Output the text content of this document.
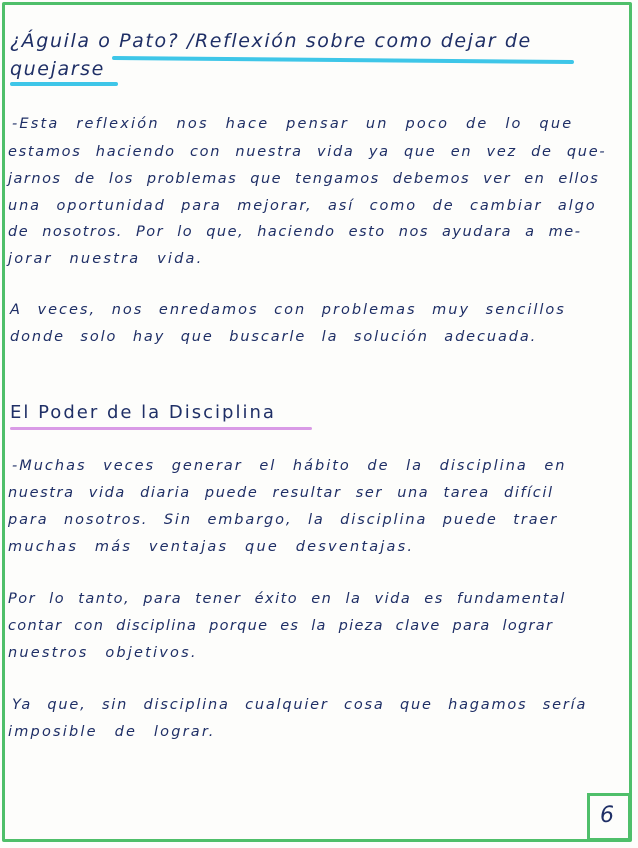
¿Águila o Pato? /Reflexión sobre como dejar de
quejarse
-Esta reflexión nos hace pensar un poco de lo que
estamos haciendo con nuestra vida ya que en vez de que-
jarnos de los problemas que tengamos debemos ver en ellos
una oportunidad para mejorar, así como de cambiar algo
de nosotros. Por lo que, haciendo esto nos ayudara a me-
jorar nuestra vida.
A veces, nos enredamos con problemas muy sencillos
donde solo hay que buscarle la solución adecuada.
El Poder de la Disciplina
-Muchas veces generar el hábito de la disciplina en
nuestra vida diaria puede resultar ser una tarea difícil
para nosotros. Sin embargo, la disciplina puede traer
muchas más ventajas que desventajas.
Por lo tanto, para tener éxito en la vida es fundamental
contar con disciplina porque es la pieza clave para lograr
nuestros objetivos.
Ya que, sin disciplina cualquier cosa que hagamos sería
imposible de lograr.
6
